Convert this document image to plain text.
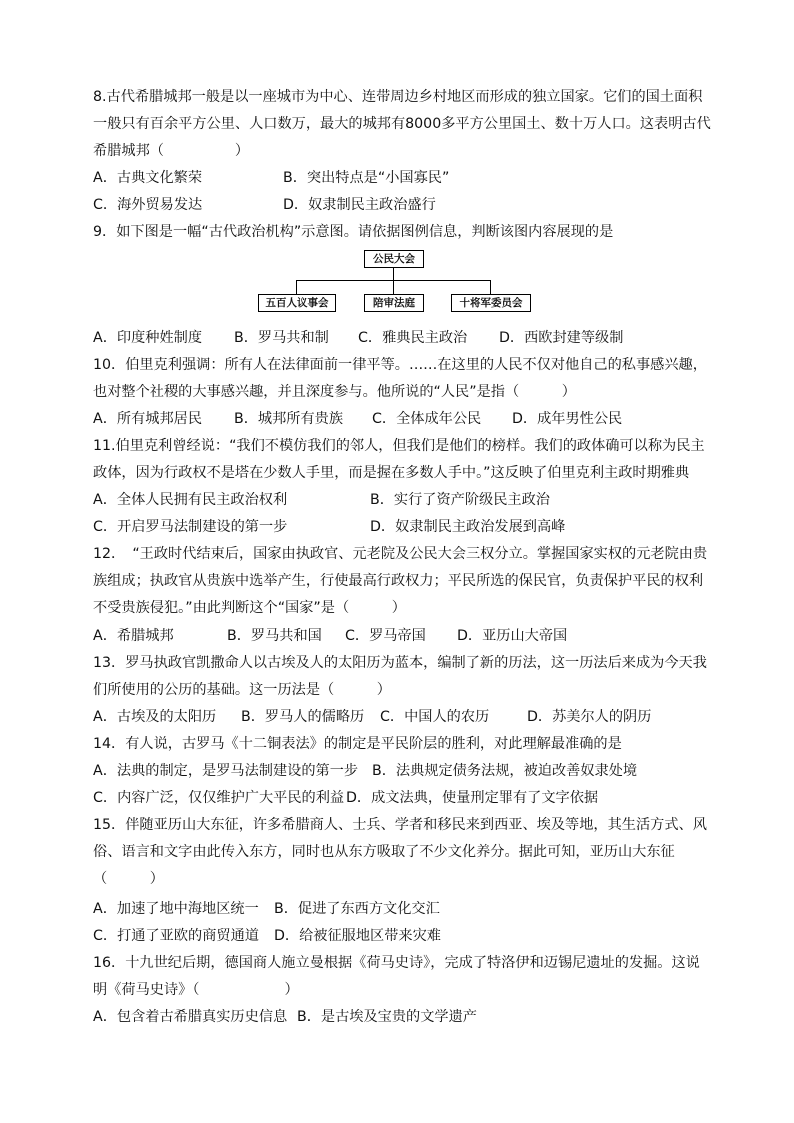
8.古代希腊城邦一般是以一座城市为中心、连带周边乡村地区而形成的独立国家。它们的国土面积
一般只有百余平方公里、人口数万，最大的城邦有8000多平方公里国土、数十万人口。这表明古代
希腊城邦（　　　　　）
A．古典文化繁荣	B．突出特点是“小国寡民”
C．海外贸易发达	D．奴隶制民主政治盛行
9．如下图是一幅“古代政治机构”示意图。请依据图例信息，判断该图内容展现的是
公民大会
五百人议事会	陪审法庭	十将军委员会
A．印度种姓制度 B．罗马共和制 C．雅典民主政治 D．西欧封建等级制
10．伯里克利强调：所有人在法律面前一律平等。……在这里的人民不仅对他自己的私事感兴趣，
也对整个社稷的大事感兴趣，并且深度参与。他所说的“人民”是指（　　　）
A．所有城邦居民 B．城邦所有贵族 C．全体成年公民 D．成年男性公民
11.伯里克利曾经说：“我们不模仿我们的邻人，但我们是他们的榜样。我们的政体确可以称为民主
政体，因为行政权不是塔在少数人手里，而是握在多数人手中。”这反映了伯里克利主政时期雅典
A．全体人民拥有民主政治权利	B．实行了资产阶级民主政治
C．开启罗马法制建设的第一步	D．奴隶制民主政治发展到高峰
12．　“王政时代结束后，国家由执政官、元老院及公民大会三权分立。掌握国家实权的元老院由贵
族组成；执政官从贵族中选举产生，行使最高行政权力；平民所选的保民官，负责保护平民的权利
不受贵族侵犯。”由此判断这个“国家”是（　　　）
A．希腊城邦	B．罗马共和国 C．罗马帝国 D．亚历山大帝国
13．罗马执政官凯撒命人以古埃及人的太阳历为蓝本，编制了新的历法，这一历法后来成为今天我
们所使用的公历的基础。这一历法是（　　　）
A．古埃及的太阳历 B．罗马人的儒略历 C．中国人的农历	D．苏美尔人的阴历
14．有人说，古罗马《十二铜表法》的制定是平民阶层的胜利，对此理解最准确的是
A．法典的制定，是罗马法制建设的第一步 B．法典规定债务法规，被迫改善奴隶处境
C．内容广泛，仅仅维护广大平民的利益 D．成文法典，使量刑定罪有了文字依据
15．伴随亚历山大东征，许多希腊商人、士兵、学者和移民来到西亚、埃及等地，其生活方式、风
俗、语言和文字由此传入东方，同时也从东方吸取了不少文化养分。据此可知，亚历山大东征
（　　　）
A．加速了地中海地区统一 B．促进了东西方文化交汇
C．打通了亚欧的商贸通道 D．给被征服地区带来灾难
16．十九世纪后期，德国商人施立曼根据《荷马史诗》，完成了特洛伊和迈锡尼遗址的发掘。这说
明《荷马史诗》（　　　　　　）
A．包含着古希腊真实历史信息 B．是古埃及宝贵的文学遗产
